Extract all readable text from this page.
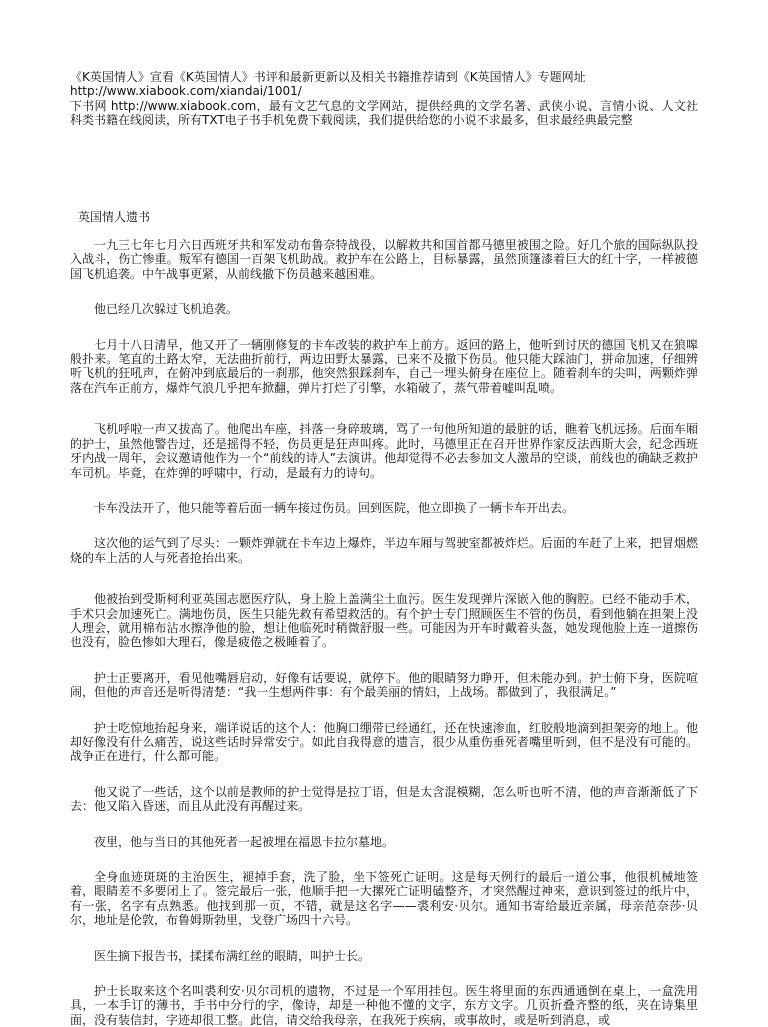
《K英国情人》宣看《K英国情人》书评和最新更新以及相关书籍推荐请到《K英国情人》专题网址

http://www.xiabook.com/xiandai/1001/

下书网 http://www.xiabook.com，最有文艺气息的文学网站，提供经典的文学名著、武侠小说、言情小说、人文社科类书籍在线阅读，所有TXT电子书手机免费下载阅读，我们提供给您的小说不求最多，但求最经典最完整

英国情人遗书

一九三七年七月六日西班牙共和军发动布鲁奈特战役，以解救共和国首都马德里被围之险。好几个旅的国际纵队投入战斗，伤亡惨重。叛军有德国一百架飞机助战。救护车在公路上，目标暴露，虽然顶篷漆着巨大的红十字，一样被德国飞机追袭。中午战事更紧，从前线撤下伤员越来越困难。

他已经几次躲过飞机追袭。

七月十八日清早，他又开了一辆刚修复的卡车改装的救护车上前方。返回的路上，他听到讨厌的德国飞机又在狼嗥般扑来。笔直的土路太窄，无法曲折前行，两边田野太暴露，已来不及撤下伤员。他只能大踩油门，拼命加速，仔细辨听飞机的狂吼声，在俯冲到底最后的一刹那，他突然狠踩刹车，自己一埋头俯身在座位上。随着刹车的尖叫，两颗炸弹落在汽车正前方，爆炸气浪几乎把车掀翻，弹片打烂了引擎，水箱破了，蒸气带着嘘叫乱喷。

飞机呼啦一声又拔高了。他爬出车座，抖落一身碎玻璃，骂了一句他所知道的最脏的话，瞧着飞机远扬。后面车厢的护士，虽然他警告过，还是摇得不轻，伤员更是狂声叫疼。此时，马德里正在召开世界作家反法西斯大会，纪念西班牙内战一周年，会议邀请他作为一个“前线的诗人”去演讲。他却觉得不必去参加文人激昂的空谈，前线也的确缺乏救护车司机。毕竟，在炸弹的呼啸中，行动，是最有力的诗句。

卡车没法开了，他只能等着后面一辆车接过伤员。回到医院，他立即换了一辆卡车开出去。

这次他的运气到了尽头：一颗炸弹就在卡车边上爆炸，半边车厢与驾驶室都被炸烂。后面的车赶了上来，把冒烟燃烧的车上活的人与死者抢抬出来。

他被抬到受斯柯利亚英国志愿医疗队，身上脸上盖满尘土血污。医生发现弹片深嵌入他的胸腔。已经不能动手术，手术只会加速死亡。满地伤员，医生只能先救有希望救活的。有个护士专门照顾医生不管的伤员，看到他躺在担架上没人理会，就用棉布沾水擦净他的脸，想让他临死时稍微舒服一些。可能因为开车时戴着头盔，她发现他脸上连一道擦伤也没有，脸色惨如大理石，像是疲倦之极睡着了。

护士正要离开，看见他嘴唇启动，好像有话要说，就停下。他的眼睛努力睁开，但未能办到。护士俯下身，医院喧闹，但他的声音还是听得清楚：“我一生想两件事：有个最美丽的情妇，上战场。都做到了，我很满足。”

护士吃惊地抬起身来，端详说话的这个人：他胸口绷带已经通红，还在快速渗血，红胶般地滴到担架旁的地上。他却好像没有什么痛苦，说这些话时异常安宁。如此自我得意的遗言，很少从重伤垂死者嘴里听到，但不是没有可能的。战争正在进行，什么都可能。

他又说了一些话，这个以前是教师的护士觉得是拉丁语，但是太含混模糊，怎么听也听不清，他的声音渐渐低了下去：他又陷入昏迷，而且从此没有再醒过来。

夜里，他与当日的其他死者一起被埋在福恩卡拉尔墓地。

全身血迹斑斑的主治医生，褪掉手套，洗了脸，坐下签死亡证明。这是每天例行的最后一道公事，他很机械地签着，眼睛差不多要闭上了。签完最后一张，他顺手把一大摞死亡证明磕整齐，才突然醒过神来，意识到签过的纸片中，有一张，名字有点熟悉。他找到那一页，不错，就是这名字——裘利安·贝尔。通知书寄给最近亲属，母亲范奈莎·贝尔，地址是伦敦，布鲁姆斯勃里，戈登广场四十六号。

医生摘下报告书，揉揉布满红丝的眼睛，叫护士长。

护士长取来这个名叫裘利安·贝尔司机的遗物，不过是一个军用挂包。医生将里面的东西通通倒在桌上，一盒洗用具，一本手订的薄书，手书中分行的字，像诗，却是一种他不懂的文字，东方文字。几页折叠齐整的纸，夹在诗集里面，没有装信封，字迹却很工整。此信，请交给我母亲，在我死于疾病，或事故时，或是听到消息，或
